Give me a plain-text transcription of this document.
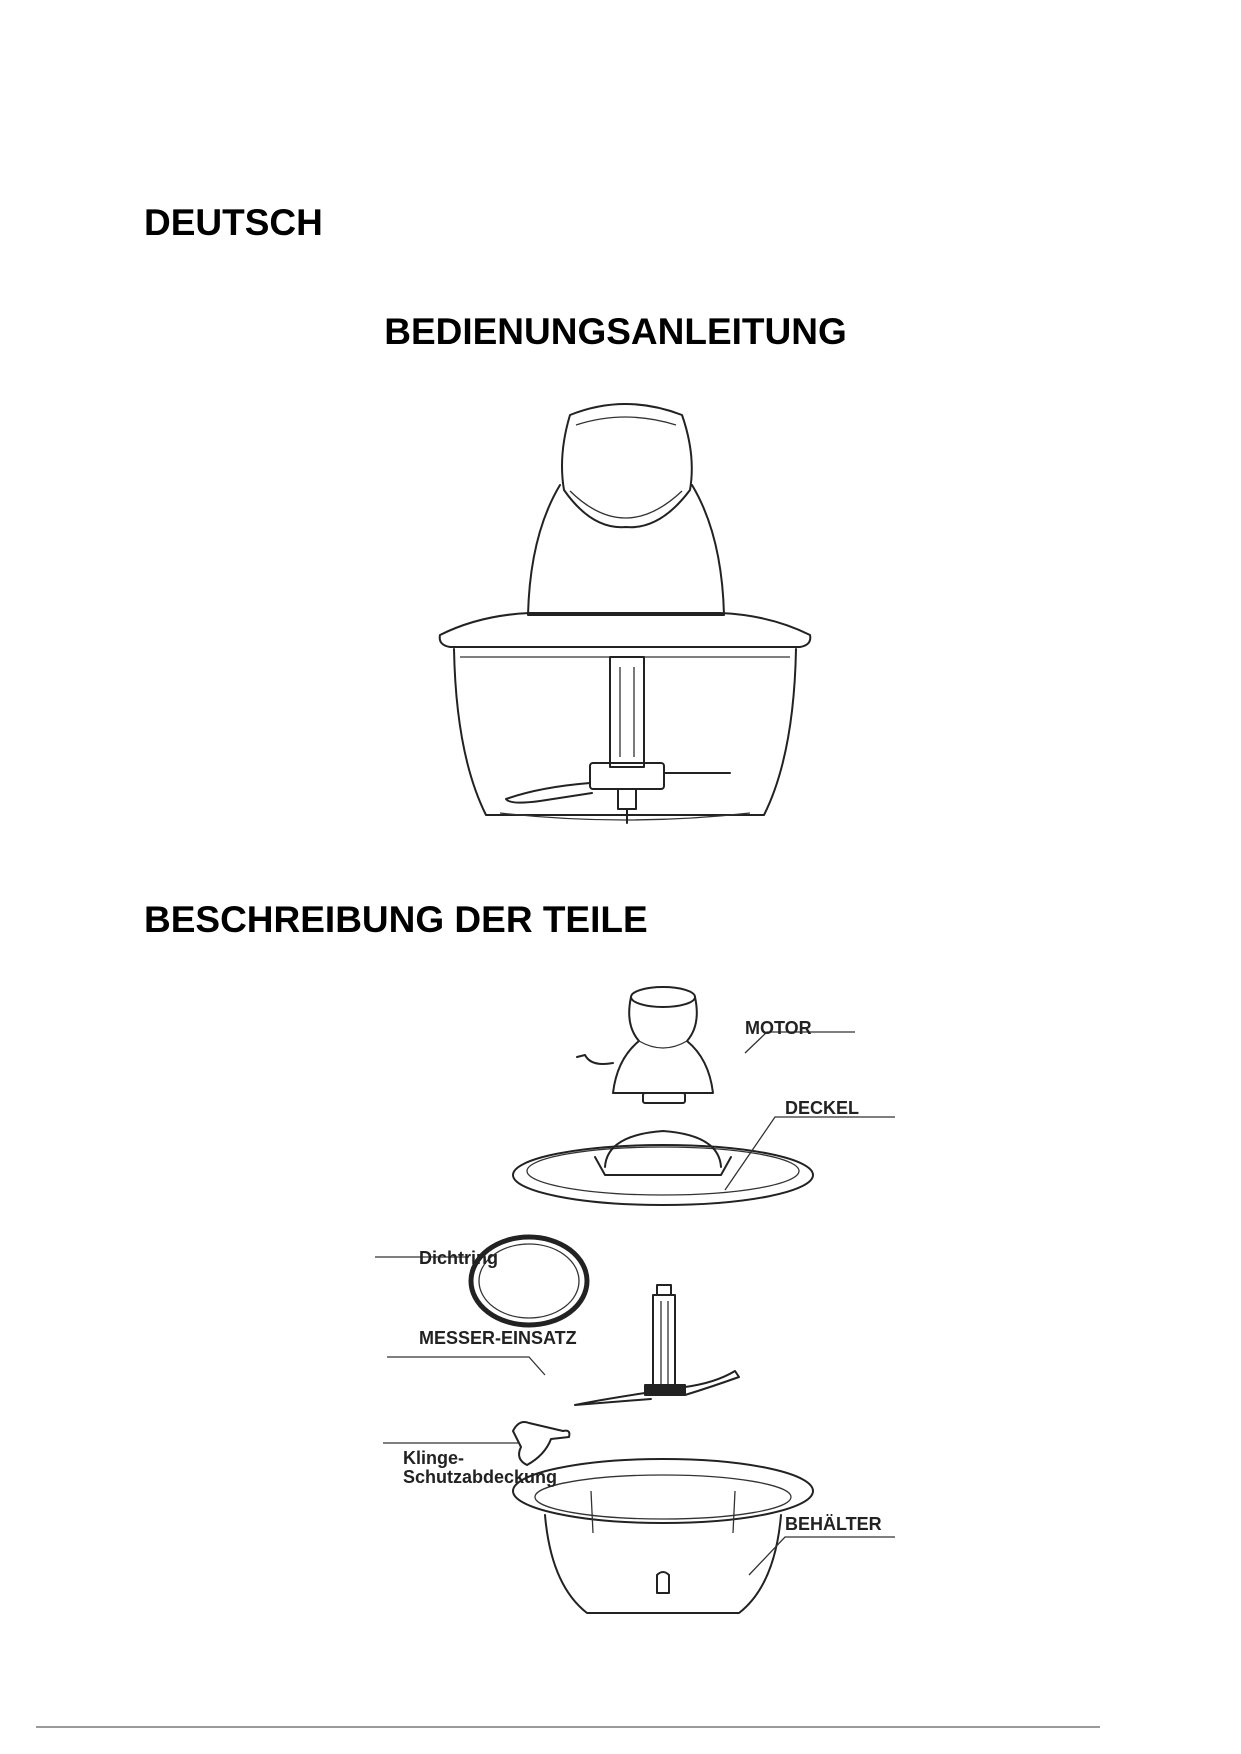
DEUTSCH
BEDIENUNGSANLEITUNG
BESCHREIBUNG DER TEILE
MOTOR
DECKEL
Dichtring
MESSER-EINSATZ
Klinge-
Schutzabdeckung
BEHÄLTER
